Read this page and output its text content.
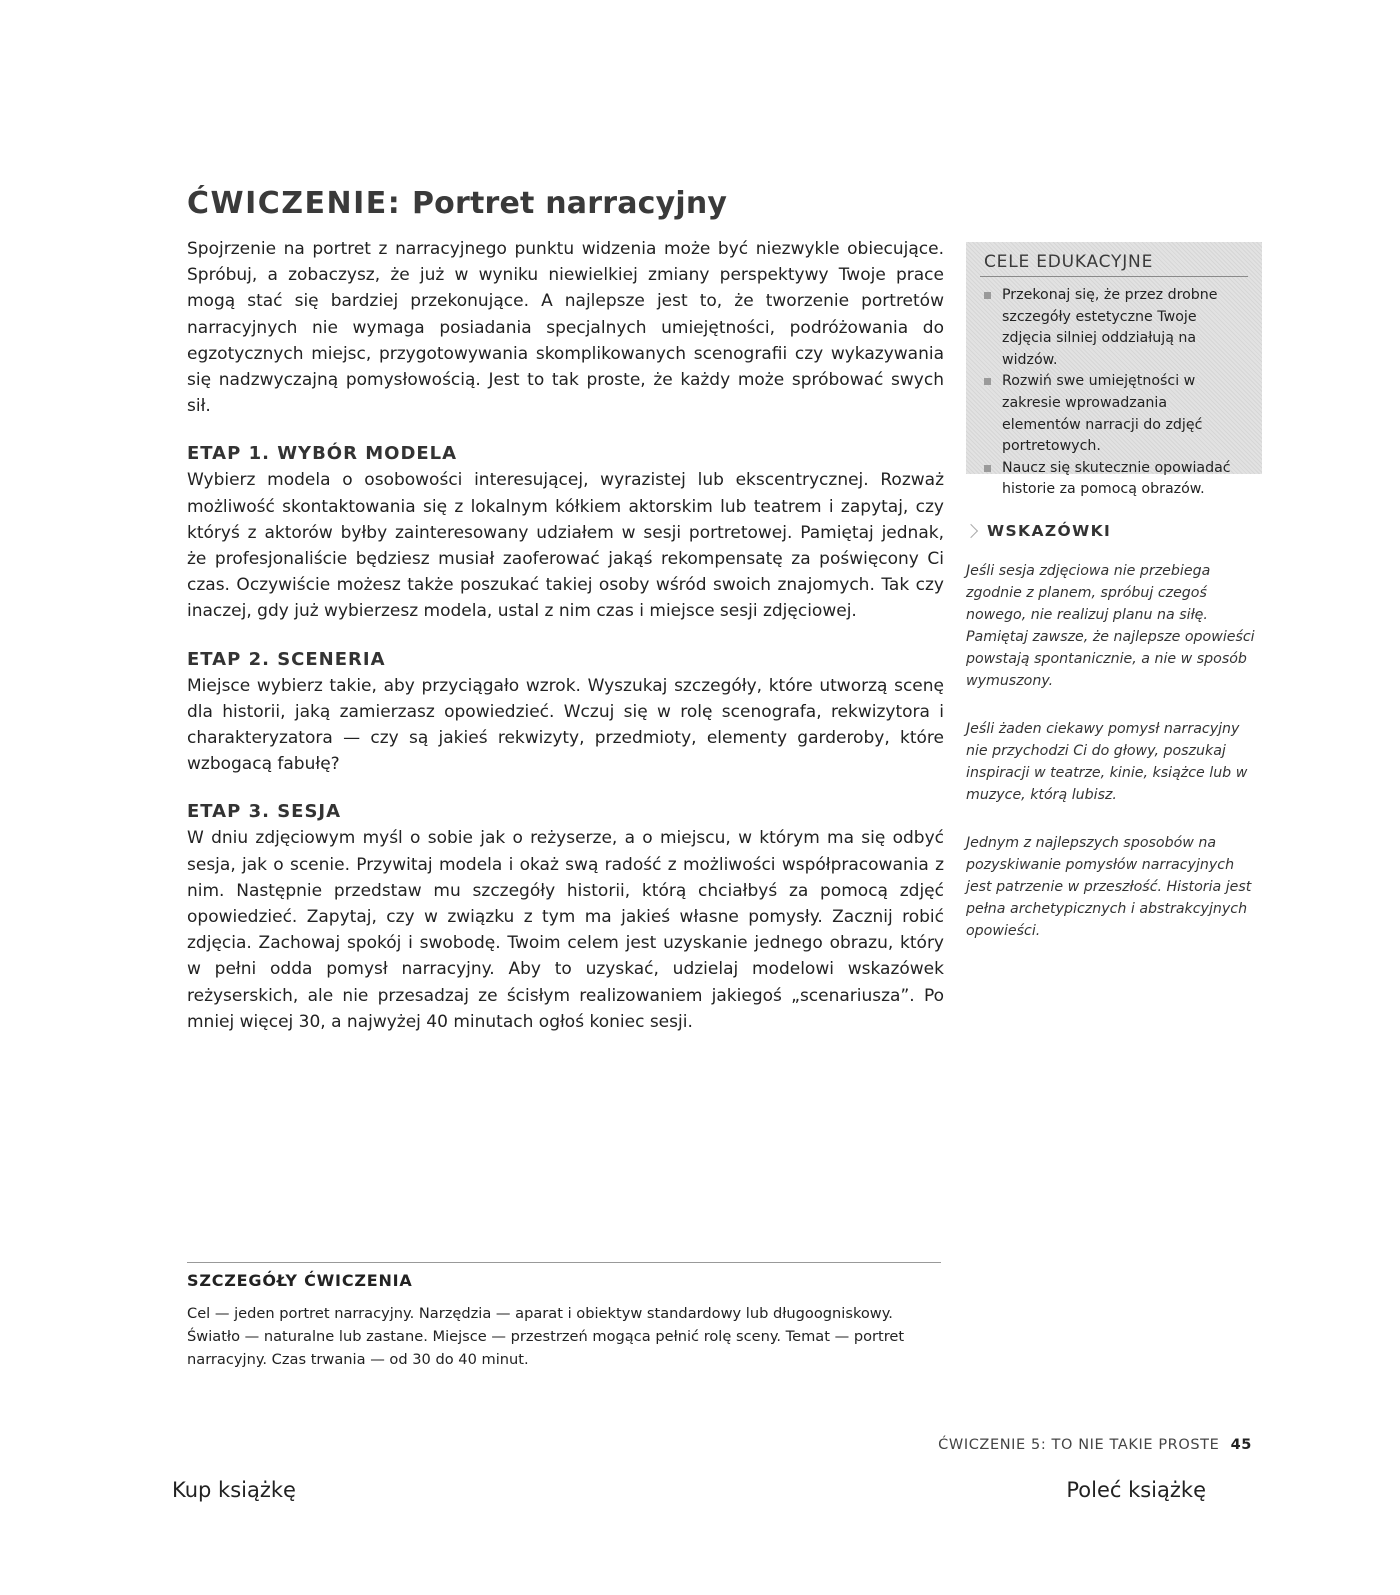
ĆWICZENIE: Portret narracyjny

Spojrzenie na portret z narracyjnego punktu widzenia może być niezwykle obiecujące. Spróbuj, a zobaczysz, że już w wyniku niewielkiej zmiany perspektywy Twoje prace mogą stać się bardziej przekonujące. A najlepsze jest to, że tworzenie portretów narracyjnych nie wymaga posiadania specjalnych umiejętności, podróżowania do egzotycznych miejsc, przygotowywania skomplikowanych scenografii czy wykazywania się nadzwyczajną pomysłowością. Jest to tak proste, że każdy może spróbować swych sił.

ETAP 1. WYBÓR MODELA

Wybierz modela o osobowości interesującej, wyrazistej lub ekscentrycznej. Rozważ możliwość skontaktowania się z lokalnym kółkiem aktorskim lub teatrem i zapytaj, czy któryś z aktorów byłby zainteresowany udziałem w sesji portretowej. Pamiętaj jednak, że profesjonaliście będziesz musiał zaoferować jakąś rekompensatę za poświęcony Ci czas. Oczywiście możesz także poszukać takiej osoby wśród swoich znajomych. Tak czy inaczej, gdy już wybierzesz modela, ustal z nim czas i miejsce sesji zdjęciowej.

ETAP 2. SCENERIA

Miejsce wybierz takie, aby przyciągało wzrok. Wyszukaj szczegóły, które utworzą scenę dla historii, jaką zamierzasz opowiedzieć. Wczuj się w rolę scenografa, rekwizytora i charakteryzatora — czy są jakieś rekwizyty, przedmioty, elementy garderoby, które wzbogacą fabułę?

ETAP 3. SESJA

W dniu zdjęciowym myśl o sobie jak o reżyserze, a o miejscu, w którym ma się odbyć sesja, jak o scenie. Przywitaj modela i okaż swą radość z możliwości współpracowania z nim. Następnie przedstaw mu szczegóły historii, którą chciałbyś za pomocą zdjęć opowiedzieć. Zapytaj, czy w związku z tym ma jakieś własne pomysły. Zacznij robić zdjęcia. Zachowaj spokój i swobodę. Twoim celem jest uzyskanie jednego obrazu, który w pełni odda pomysł narracyjny. Aby to uzyskać, udzielaj modelowi wskazówek reżyserskich, ale nie przesadzaj ze ścisłym realizowaniem jakiegoś „scenariusza”. Po mniej więcej 30, a najwyżej 40 minutach ogłoś koniec sesji.

CELE EDUKACYJNE
Przekonaj się, że przez drobne szczegóły estetyczne Twoje zdjęcia silniej oddziałują na widzów.
Rozwiń swe umiejętności w zakresie wprowadzania elementów narracji do zdjęć portretowych.
Naucz się skutecznie opowiadać historie za pomocą obrazów.
WSKAZÓWKI

Jeśli sesja zdjęciowa nie przebiega zgodnie z planem, spróbuj czegoś nowego, nie realizuj planu na siłę. Pamiętaj zawsze, że najlepsze opowieści powstają spontanicznie, a nie w sposób wymuszony.

Jeśli żaden ciekawy pomysł narracyjny nie przychodzi Ci do głowy, poszukaj inspiracji w teatrze, kinie, książce lub w muzyce, którą lubisz.

Jednym z najlepszych sposobów na pozyskiwanie pomysłów narracyjnych jest patrzenie w przeszłość. Historia jest pełna archetypicznych i abstrakcyjnych opowieści.

SZCZEGÓŁY ĆWICZENIA
Cel — jeden portret narracyjny. Narzędzia — aparat i obiektyw standardowy lub długoogniskowy. Światło — naturalne lub zastane. Miejsce — przestrzeń mogąca pełnić rolę sceny. Temat — portret narracyjny. Czas trwania — od 30 do 40 minut.
ĆWICZENIE 5: TO NIE TAKIE PROSTE 45
Kup książkę	Poleć książkę
